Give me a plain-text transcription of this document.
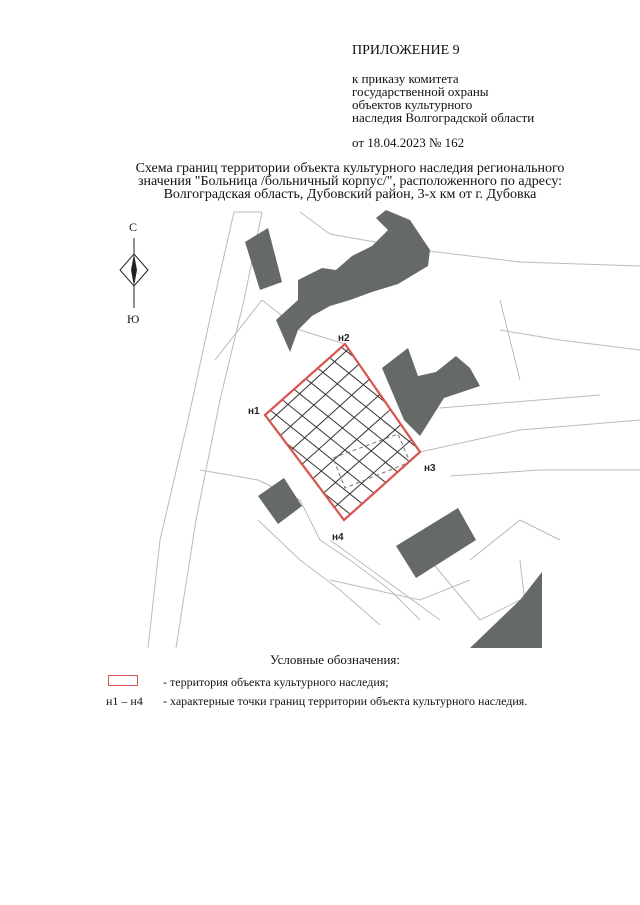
ПРИЛОЖЕНИЕ 9
к приказу комитета
государственной охраны
объектов культурного
наследия Волгоградской области
от 18.04.2023 № 162
Схема границ территории объекта культурного наследия регионального
значения "Больница /больничный корпус/", расположенного по адресу:
Волгоградская область, Дубовский район, 3-х км от г. Дубовка
н2
н1
н3
н4
С
Ю
Условные обозначения:
- территория объекта культурного наследия;
н1 – н4 - характерные точки границ территории объекта культурного наследия.
